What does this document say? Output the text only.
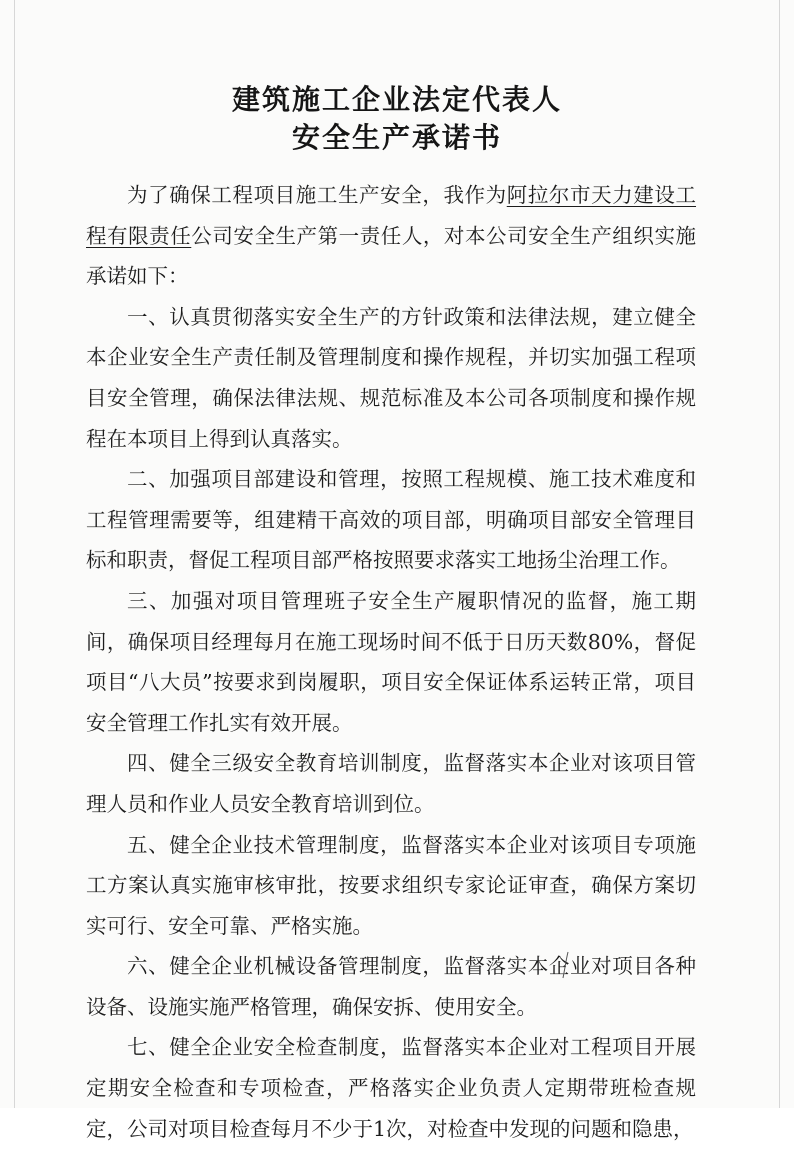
建筑施工企业法定代表人
安全生产承诺书

为了确保工程项目施工生产安全，我作为阿拉尔市天力建设工程有限责任公司安全生产第一责任人，对本公司安全生产组织实施承诺如下：

一、认真贯彻落实安全生产的方针政策和法律法规，建立健全本企业安全生产责任制及管理制度和操作规程，并切实加强工程项目安全管理，确保法律法规、规范标准及本公司各项制度和操作规程在本项目上得到认真落实。

二、加强项目部建设和管理，按照工程规模、施工技术难度和工程管理需要等，组建精干高效的项目部，明确项目部安全管理目标和职责，督促工程项目部严格按照要求落实工地扬尘治理工作。

三、加强对项目管理班子安全生产履职情况的监督，施工期间，确保项目经理每月在施工现场时间不低于日历天数80%，督促项目“八大员”按要求到岗履职，项目安全保证体系运转正常，项目安全管理工作扎实有效开展。

四、健全三级安全教育培训制度，监督落实本企业对该项目管理人员和作业人员安全教育培训到位。

五、健全企业技术管理制度，监督落实本企业对该项目专项施工方案认真实施审核审批，按要求组织专家论证审查，确保方案切实可行、安全可靠、严格实施。

六、健全企业机械设备管理制度，监督落实本企业对项目各种设备、设施实施严格管理，确保安拆、使用安全。

七、健全企业安全检查制度，监督落实本企业对工程项目开展定期安全检查和专项检查，严格落实企业负责人定期带班检查规定，公司对项目检查每月不少于1次，对检查中发现的问题和隐患，
